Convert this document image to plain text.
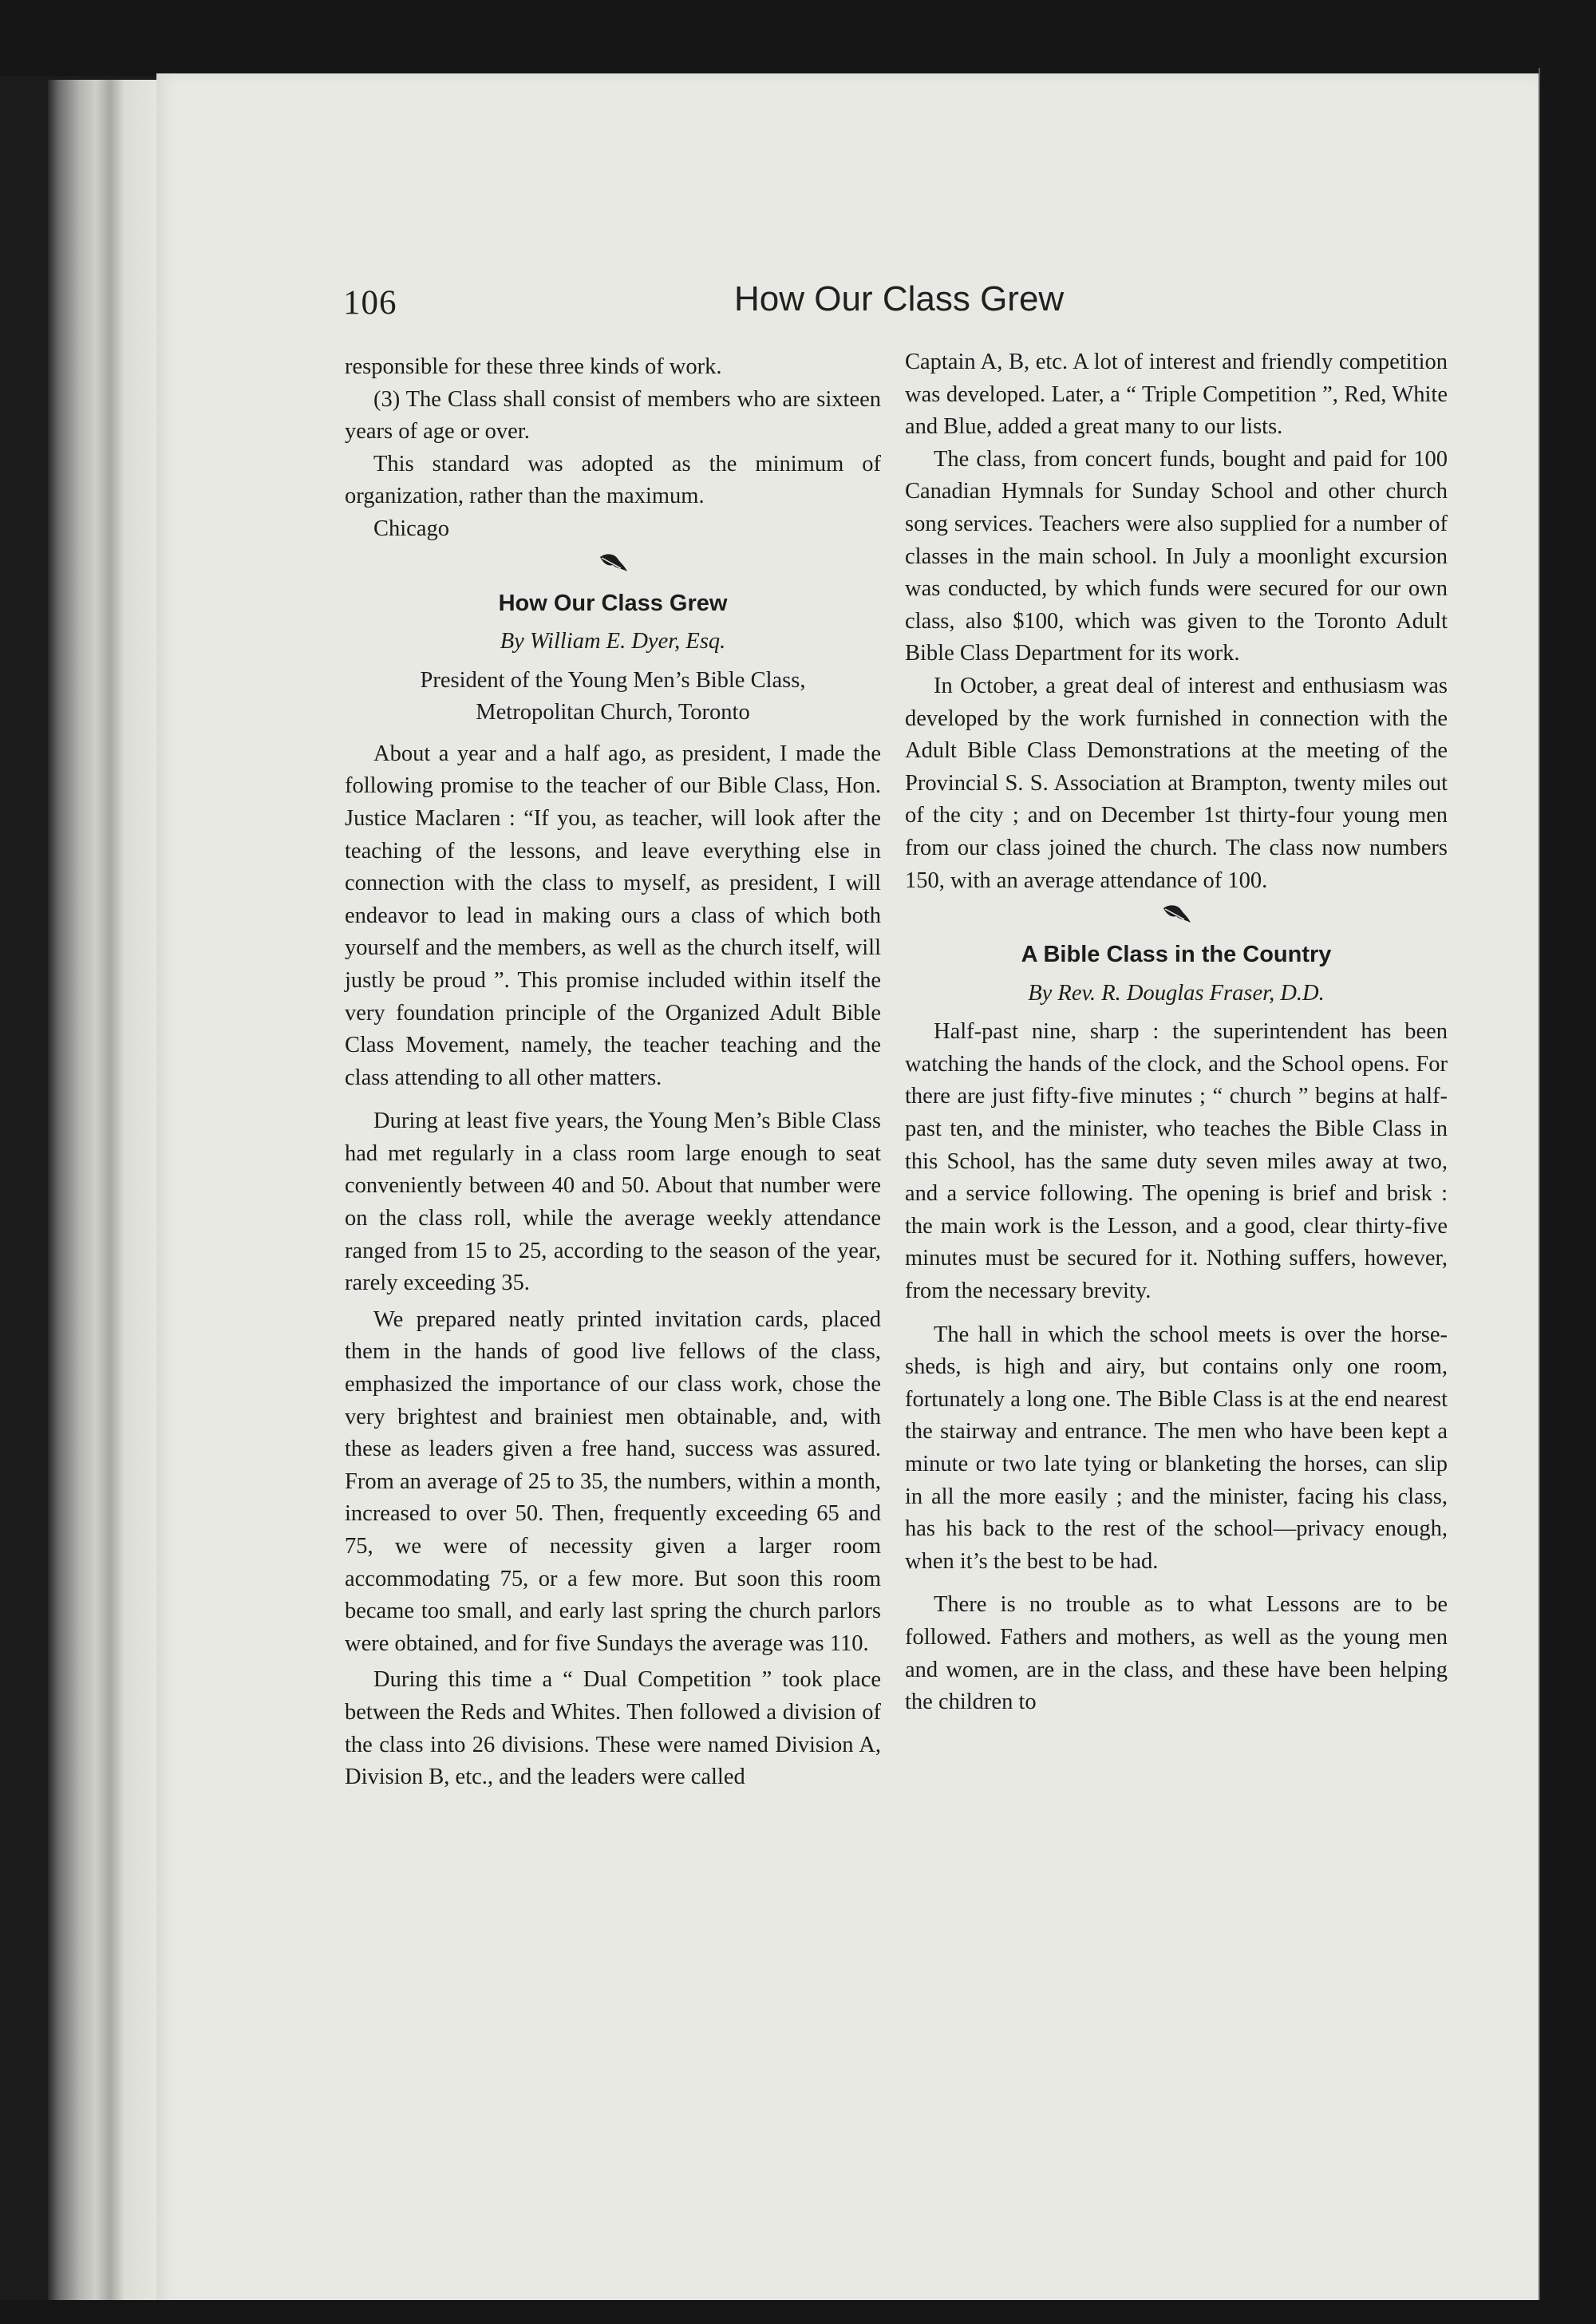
106	How Our Class Grew

responsible for these three kinds of work.

(3) The Class shall consist of members who are sixteen years of age or over.

This standard was adopted as the minimum of organization, rather than the maximum.

Chicago

How Our Class Grew
By William E. Dyer, Esq.
President of the Young Men’s Bible Class,
Metropolitan Church, Toronto

About a year and a half ago, as president, I made the following promise to the teacher of our Bible Class, Hon. Justice Maclaren : “If you, as teacher, will look after the teaching of the lessons, and leave everything else in connection with the class to myself, as president, I will endeavor to lead in making ours a class of which both yourself and the members, as well as the church itself, will justly be proud ”. This promise included within itself the very foundation principle of the Organized Adult Bible Class Movement, namely, the teacher teaching and the class attending to all other matters.

During at least five years, the Young Men’s Bible Class had met regularly in a class room large enough to seat conveniently between 40 and 50. About that number were on the class roll, while the average weekly attendance ranged from 15 to 25, according to the season of the year, rarely exceeding 35.

We prepared neatly printed invitation cards, placed them in the hands of good live fellows of the class, emphasized the importance of our class work, chose the very brightest and brainiest men obtainable, and, with these as leaders given a free hand, success was assured. From an average of 25 to 35, the numbers, within a month, increased to over 50. Then, frequently exceeding 65 and 75, we were of necessity given a larger room accommodating 75, or a few more. But soon this room became too small, and early last spring the church parlors were obtained, and for five Sundays the average was 110.

During this time a “ Dual Competition ” took place between the Reds and Whites. Then followed a division of the class into 26 divisions. These were named Division A, Division B, etc., and the leaders were called

Captain A, B, etc. A lot of interest and friendly competition was developed. Later, a “ Triple Competition ”, Red, White and Blue, added a great many to our lists.

The class, from concert funds, bought and paid for 100 Canadian Hymnals for Sunday School and other church song services. Teachers were also supplied for a number of classes in the main school. In July a moonlight excursion was conducted, by which funds were secured for our own class, also $100, which was given to the Toronto Adult Bible Class Department for its work.

In October, a great deal of interest and enthusiasm was developed by the work furnished in connection with the Adult Bible Class Demonstrations at the meeting of the Provincial S. S. Association at Brampton, twenty miles out of the city ; and on December 1st thirty-four young men from our class joined the church. The class now numbers 150, with an average attendance of 100.

A Bible Class in the Country
By Rev. R. Douglas Fraser, D.D.

Half-past nine, sharp : the superintendent has been watching the hands of the clock, and the School opens. For there are just fifty-five minutes ; “ church ” begins at half-past ten, and the minister, who teaches the Bible Class in this School, has the same duty seven miles away at two, and a service following. The opening is brief and brisk : the main work is the Lesson, and a good, clear thirty-five minutes must be secured for it. Nothing suffers, however, from the necessary brevity.

The hall in which the school meets is over the horse-sheds, is high and airy, but contains only one room, fortunately a long one. The Bible Class is at the end nearest the stairway and entrance. The men who have been kept a minute or two late tying or blanketing the horses, can slip in all the more easily ; and the minister, facing his class, has his back to the rest of the school—privacy enough, when it’s the best to be had.

There is no trouble as to what Lessons are to be followed. Fathers and mothers, as well as the young men and women, are in the class, and these have been helping the children to
